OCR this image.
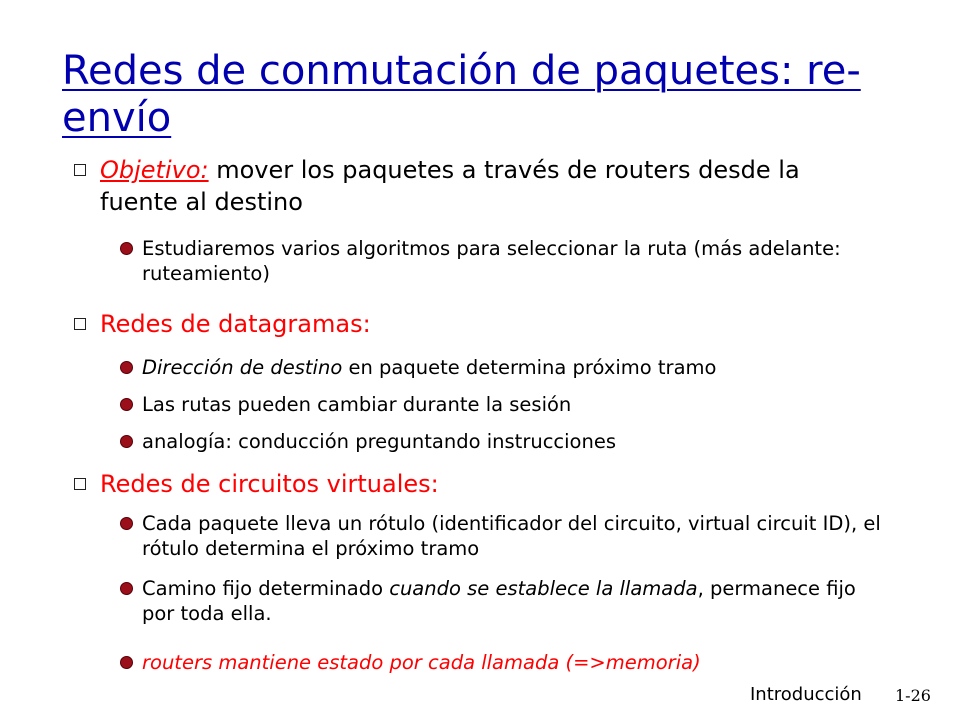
Redes de conmutación de paquetes: re-envío
Objetivo: mover los paquetes a través de routers desde la fuente al destino
Estudiaremos varios algoritmos para seleccionar la ruta (más adelante: ruteamiento)
Redes de datagramas:
Dirección de destino en paquete determina próximo tramo
Las rutas pueden cambiar durante la sesión
analogía: conducción preguntando instrucciones
Redes de circuitos virtuales:
Cada paquete lleva un rótulo (identificador del circuito, virtual circuit ID), el rótulo determina el próximo tramo
Camino fijo determinado cuando se establece la llamada, permanece fijo por toda ella.
routers mantiene estado por cada llamada (=>memoria)
Introducción 1-26
